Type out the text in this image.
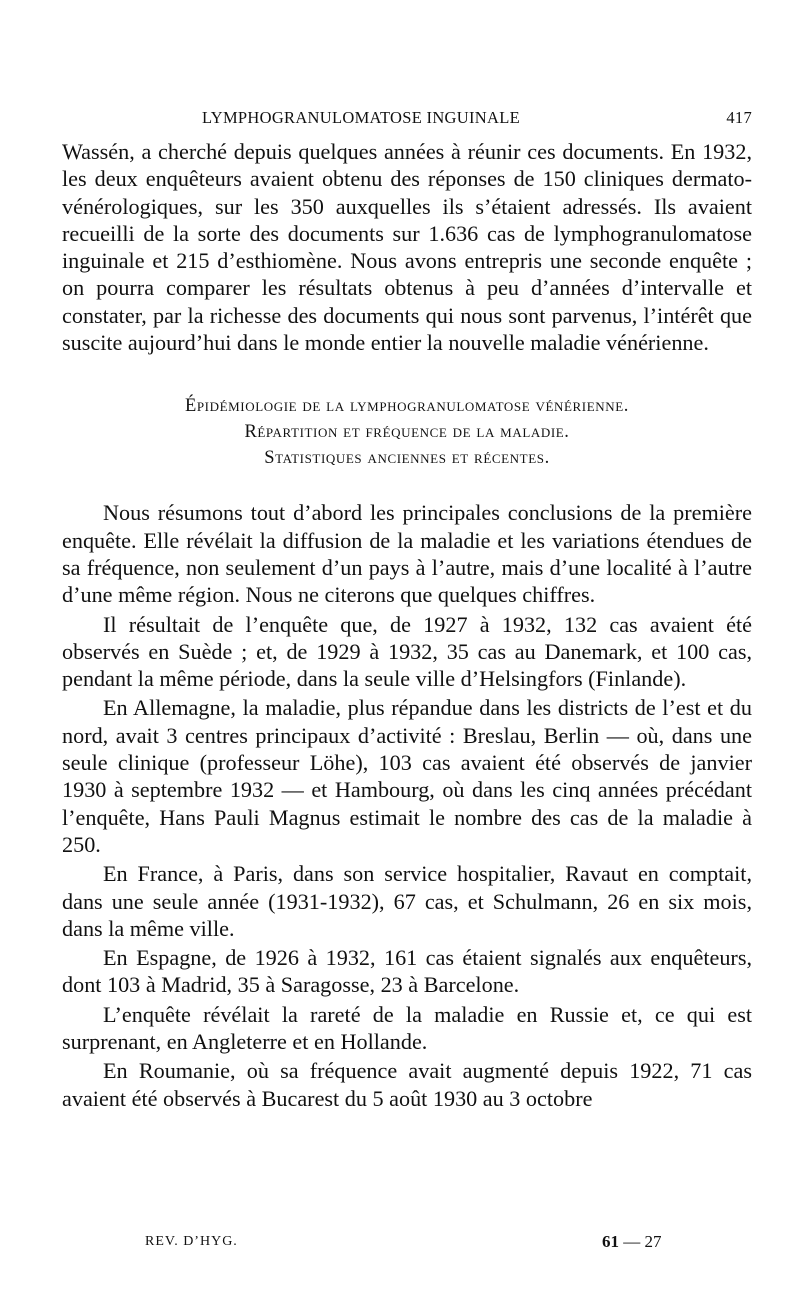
LYMPHOGRANULOMATOSE INGUINALE	417

Wassén, a cherché depuis quelques années à réunir ces documents. En 1932, les deux enquêteurs avaient obtenu des réponses de 150 cliniques dermato-vénérologiques, sur les 350 auxquelles ils s’étaient adressés. Ils avaient recueilli de la sorte des documents sur 1.636 cas de lymphogranulomatose inguinale et 215 d’esthiomène. Nous avons entrepris une seconde enquête ; on pourra comparer les résultats obtenus à peu d’années d’intervalle et constater, par la richesse des documents qui nous sont parvenus, l’intérêt que suscite aujourd’hui dans le monde entier la nouvelle maladie vénérienne.

Épidémiologie de la lymphogranulomatose vénérienne.
Répartition et fréquence de la maladie.
Statistiques anciennes et récentes.

Nous résumons tout d’abord les principales conclusions de la première enquête. Elle révélait la diffusion de la maladie et les variations étendues de sa fréquence, non seulement d’un pays à l’autre, mais d’une localité à l’autre d’une même région. Nous ne citerons que quelques chiffres.

Il résultait de l’enquête que, de 1927 à 1932, 132 cas avaient été observés en Suède ; et, de 1929 à 1932, 35 cas au Danemark, et 100 cas, pendant la même période, dans la seule ville d’Helsingfors (Finlande).

En Allemagne, la maladie, plus répandue dans les districts de l’est et du nord, avait 3 centres principaux d’activité : Breslau, Berlin — où, dans une seule clinique (professeur Löhe), 103 cas avaient été observés de janvier 1930 à septembre 1932 — et Hambourg, où dans les cinq années précédant l’enquête, Hans Pauli Magnus estimait le nombre des cas de la maladie à 250.

En France, à Paris, dans son service hospitalier, Ravaut en comptait, dans une seule année (1931-1932), 67 cas, et Schulmann, 26 en six mois, dans la même ville.

En Espagne, de 1926 à 1932, 161 cas étaient signalés aux enquêteurs, dont 103 à Madrid, 35 à Saragosse, 23 à Barcelone.

L’enquête révélait la rareté de la maladie en Russie et, ce qui est surprenant, en Angleterre et en Hollande.

En Roumanie, où sa fréquence avait augmenté depuis 1922, 71 cas avaient été observés à Bucarest du 5 août 1930 au 3 octobre

REV. D’HYG.	61 — 27
